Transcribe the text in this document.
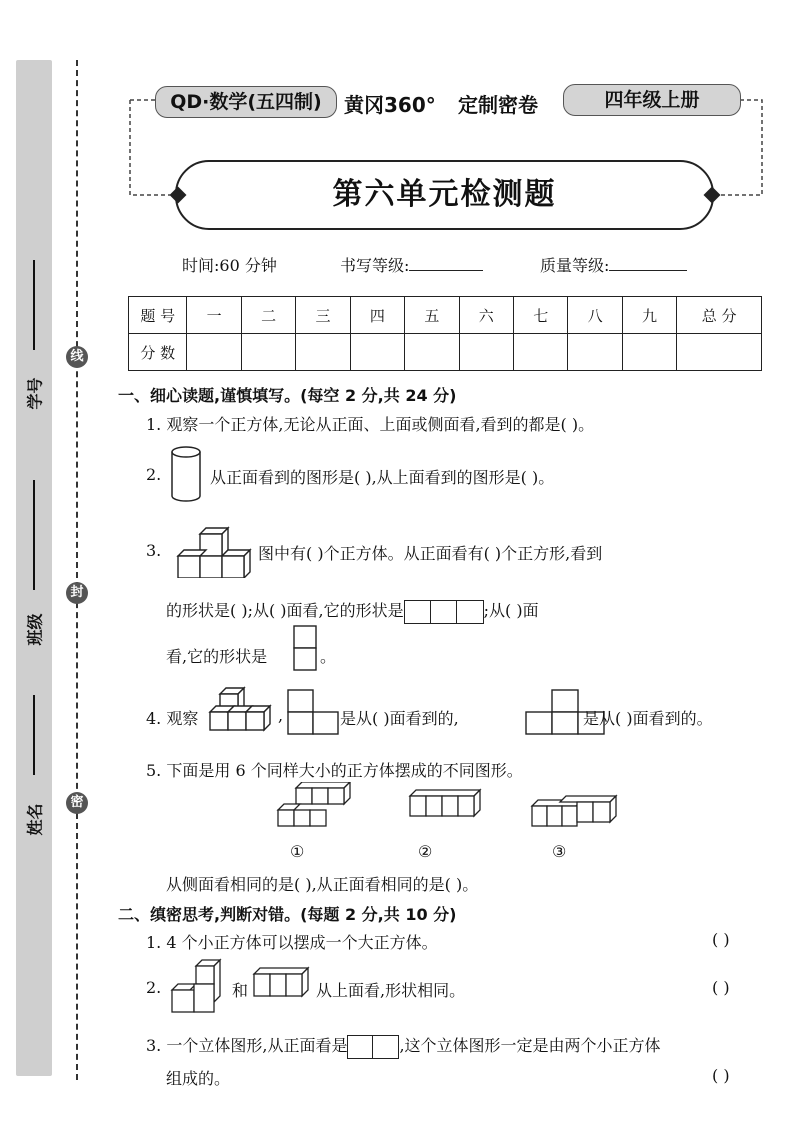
学号
班级
姓名
线
封
密
QD·数学(五四制)	黄冈360° 定制密卷	四年级上册
第六单元检测题
时间:60 分钟	书写等级:	质量等级:
题 号	一	二	三	四	五	六	七	八	九	总 分
分 数										
一、细心读题,谨慎填写。(每空 2 分,共 24 分)
1. 观察一个正方体,无论从正面、上面或侧面看,看到的都是( )。
2.	从正面看到的图形是( ),从上面看到的图形是( )。
3.	图中有( )个正方体。从正面看有( )个正方形,看到
的形状是( );从( )面看,它的形状是	;从( )面
看,它的形状是	。
4. 观察	,	是从( )面看到的,	是从( )面看到的。
5. 下面是用 6 个同样大小的正方体摆成的不同图形。
①	②	③
从侧面看相同的是( ),从正面看相同的是( )。
二、缜密思考,判断对错。(每题 2 分,共 10 分)
1. 4 个小正方体可以摆成一个大正方体。	( )
2.	和	从上面看,形状相同。	( )
3. 一个立体图形,从正面看是	,这个立体图形一定是由两个小正方体
组成的。	( )
